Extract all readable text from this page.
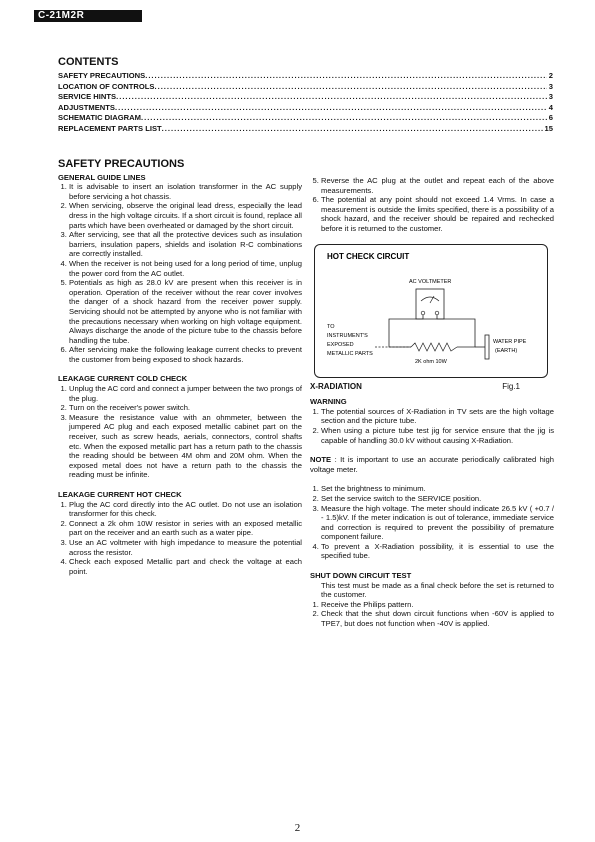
C-21M2R
CONTENTS
SAFETY PRECAUTIONS .....	2
LOCATION OF CONTROLS .....	3
SERVICE HINTS .....	3
ADJUSTMENTS .....	4
SCHEMATIC DIAGRAM .....	6
REPLACEMENT PARTS LIST .....	15
SAFETY PRECAUTIONS

GENERAL GUIDE LINES

1. It is advisable to insert an isolation transformer in the AC supply before servicing a hot chassis.
2. When servicing, observe the original lead dress, especially the lead dress in the high voltage circuits. If a short circuit is found, replace all parts which have been overheated or damaged by the short circuit.
3. After servicing, see that all the protective devices such as insulation barriers, insulation papers, shields and isolation R-C combinations are correctly installed.
4. When the receiver is not being used for a long period of time, unplug the power cord from the AC outlet.
5. Potentials as high as 28.0 kV are present when this receiver is in operation. Operation of the receiver without the rear cover involves the danger of a shock hazard from the receiver power supply. Servicing should not be attempted by anyone who is not familiar with the precautions necessary when working on high voltage equipment. Always discharge the anode of the picture tube to the chassis before handling the tube.
6. After servicing make the following leakage current checks to prevent the customer from being exposed to shock hazards.

LEAKAGE CURRENT COLD CHECK

1. Unplug the AC cord and connect a jumper between the two prongs of the plug.
2. Turn on the receiver's power switch.
3. Measure the resistance value with an ohmmeter, between the jumpered AC plug and each exposed metallic cabinet part on the receiver, such as screw heads, aerials, connectors, control shafts etc. When the exposed metallic part has a return path to the chassis the reading should be between 4M ohm and 20M ohm. When the exposed metal does not have a return path to the chassis the reading must be infinite.

LEAKAGE CURRENT HOT CHECK

1. Plug the AC cord directly into the AC outlet. Do not use an isolation transformer for this check.
2. Connect a 2k ohm 10W resistor in series with an exposed metallic part on the receiver and an earth such as a water pipe.
3. Use an AC voltmeter with high impedance to measure the potential across the resistor.
4. Check each exposed Metallic part and check the voltage at each point.
5. Reverse the AC plug at the outlet and repeat each of the above measurements.
6. The potential at any point should not exceed 1.4 Vrms. In case a measurement is outside the limits specified, there is a possibility of a shock hazard, and the receiver should be repaired and rechecked before it is returned to the customer.
HOT CHECK CIRCUIT
AC VOLTMETER
TO
INSTRUMENT'S
EXPOSED
METALLIC PARTS
2K ohm 10W
WATER PIPE
(EARTH)
X-RADIATION	Fig.1

WARNING

1. The potential sources of X-Radiation in TV sets are the high voltage section and the picture tube.
2. When using a picture tube test jig for service ensure that the jig is capable of handling 30.0 kV without causing X-Radiation.

NOTE : It is important to use an accurate periodically calibrated high voltage meter.

1. Set the brightness to minimum.
2. Set the service switch to the SERVICE position.
3. Measure the high voltage. The meter should indicate 26.5 kV ( +0.7 / - 1.5)kV. If the meter indication is out of tolerance, immediate service and correction is required to prevent the possibility of premature component failure.
4. To prevent a X-Radiation possibility, it is essential to use the specified tube.

SHUT DOWN CIRCUIT TEST

This test must be made as a final check before the set is returned to the customer.

1. Receive the Philips pattern.
2. Check that the shut down circuit functions when -60V is applied to TPE7, but does not function when -40V is applied.
2
